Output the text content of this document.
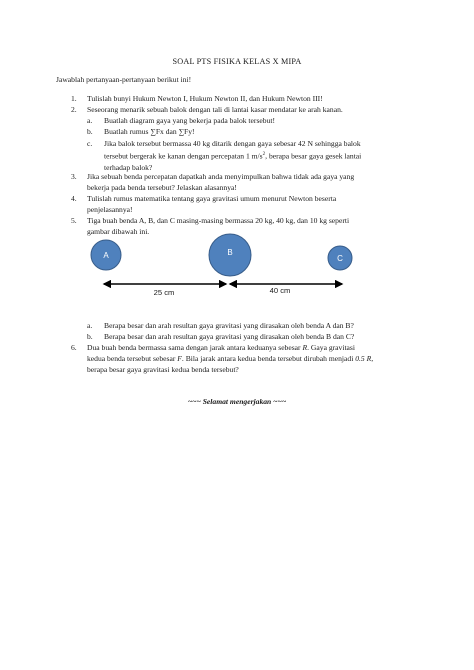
SOAL PTS FISIKA KELAS X MIPA
Jawablah pertanyaan-pertanyaan berikut ini!
1. Tulislah bunyi Hukum Newton I, Hukum Newton II, dan Hukum Newton III!
2. Seseorang menarik sebuah balok dengan tali di lantai kasar mendatar ke arah kanan.
a. Buatlah diagram gaya yang bekerja pada balok tersebut!
b. Buatlah rumus ∑Fx dan ∑Fy!
c. Jika balok tersebut bermassa 40 kg ditarik dengan gaya sebesar 42 N sehingga balok
tersebut bergerak ke kanan dengan percepatan 1 $m/s^2$, berapa besar gaya gesek lantai
terhadap balok?
3. Jika sebuah benda percepatan dapatkah anda menyimpulkan bahwa tidak ada gaya yang
bekerja pada benda tersebut? Jelaskan alasannya!
4. Tulislah rumus matematika tentang gaya gravitasi umum menurut Newton beserta
penjelasannya!
5. Tiga buah benda A, B, dan C masing-masing bermassa 20 kg, 40 kg, dan 10 kg seperti
gambar dibawah ini.
A	B
C
25 cm	40 cm
a. Berapa besar dan arah resultan gaya gravitasi yang dirasakan oleh benda A dan B?
b. Berapa besar dan arah resultan gaya gravitasi yang dirasakan oleh benda B dan C?
6. Dua buah benda bermassa sama dengan jarak antara keduanya sebesar R. Gaya gravitasi
kedua benda tersebut sebesar F. Bila jarak antara kedua benda tersebut dirubah menjadi 0.5 R,
berapa besar gaya gravitasi kedua benda tersebut?
~~~ Selamat mengerjakan ~~~
